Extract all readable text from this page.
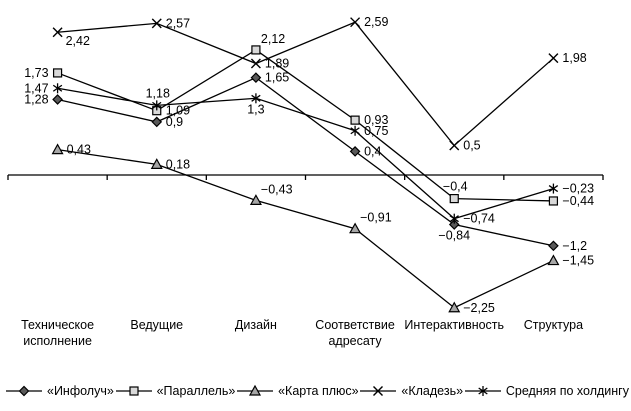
1,28
0,9
1,65
0,4
−0,84
−1,2
1,73
1,09
2,12
0,93
−0,4
−0,44
0,43
0,18
−0,43
−0,91
−2,25
−1,45
2,42
2,57
1,89
2,59
0,5
1,98
1,47	1,18
1,3
0,75
−0,74
−0,23
Техническое
исполнение
Ведущие	Дизайн	Соответствие
адресату
Интерактивность Структура
«Инфолуч»	«Параллель»	«Карта плюс»	«Кладезь»	Средняя по холдингу
